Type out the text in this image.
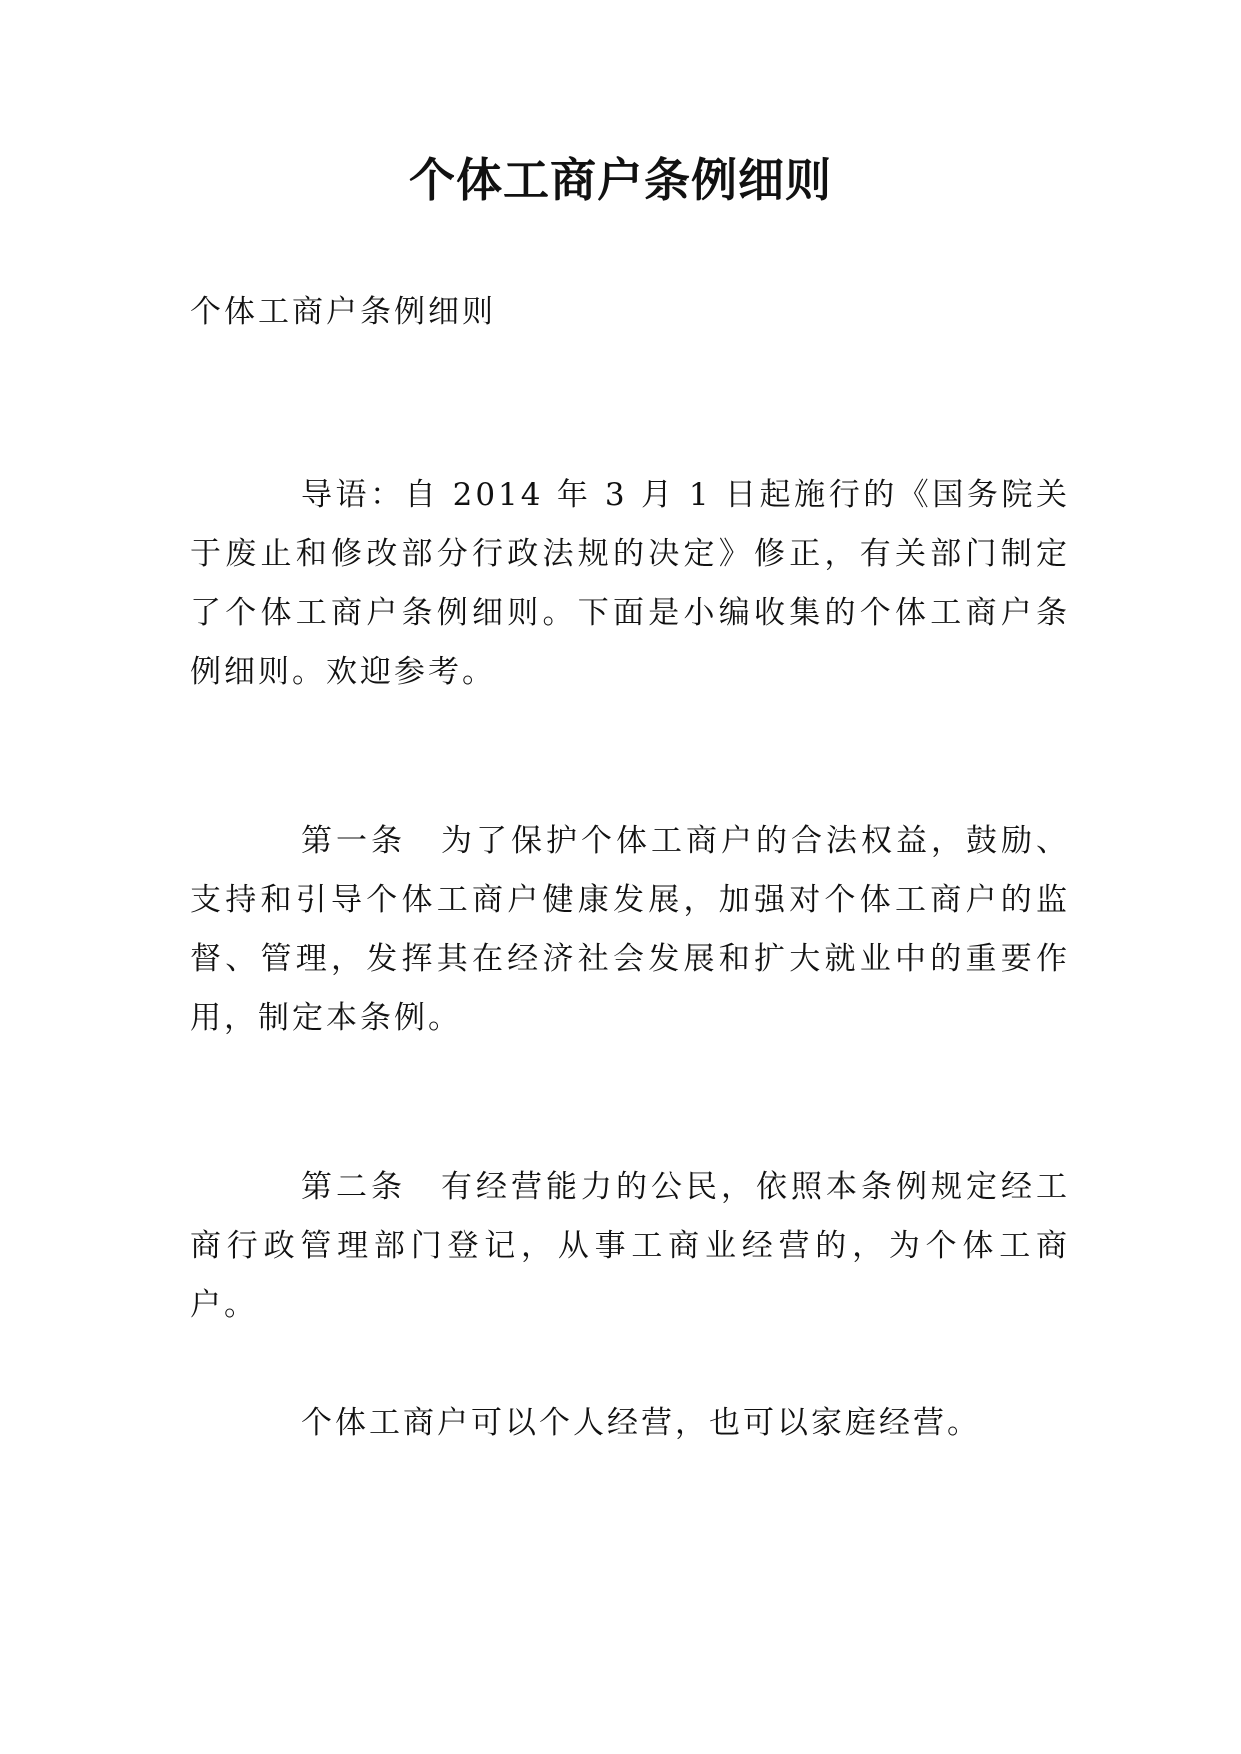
个体工商户条例细则

个体工商户条例细则

导语：自 2014 年 3 月 1 日起施行的《国务院关于废止和修改部分行政法规的决定》修正，有关部门制定了个体工商户条例细则。下面是小编收集的个体工商户条例细则。欢迎参考。

第一条　为了保护个体工商户的合法权益，鼓励、支持和引导个体工商户健康发展，加强对个体工商户的监督、管理，发挥其在经济社会发展和扩大就业中的重要作用，制定本条例。

第二条　有经营能力的公民，依照本条例规定经工商行政管理部门登记，从事工商业经营的，为个体工商户。

个体工商户可以个人经营，也可以家庭经营。
